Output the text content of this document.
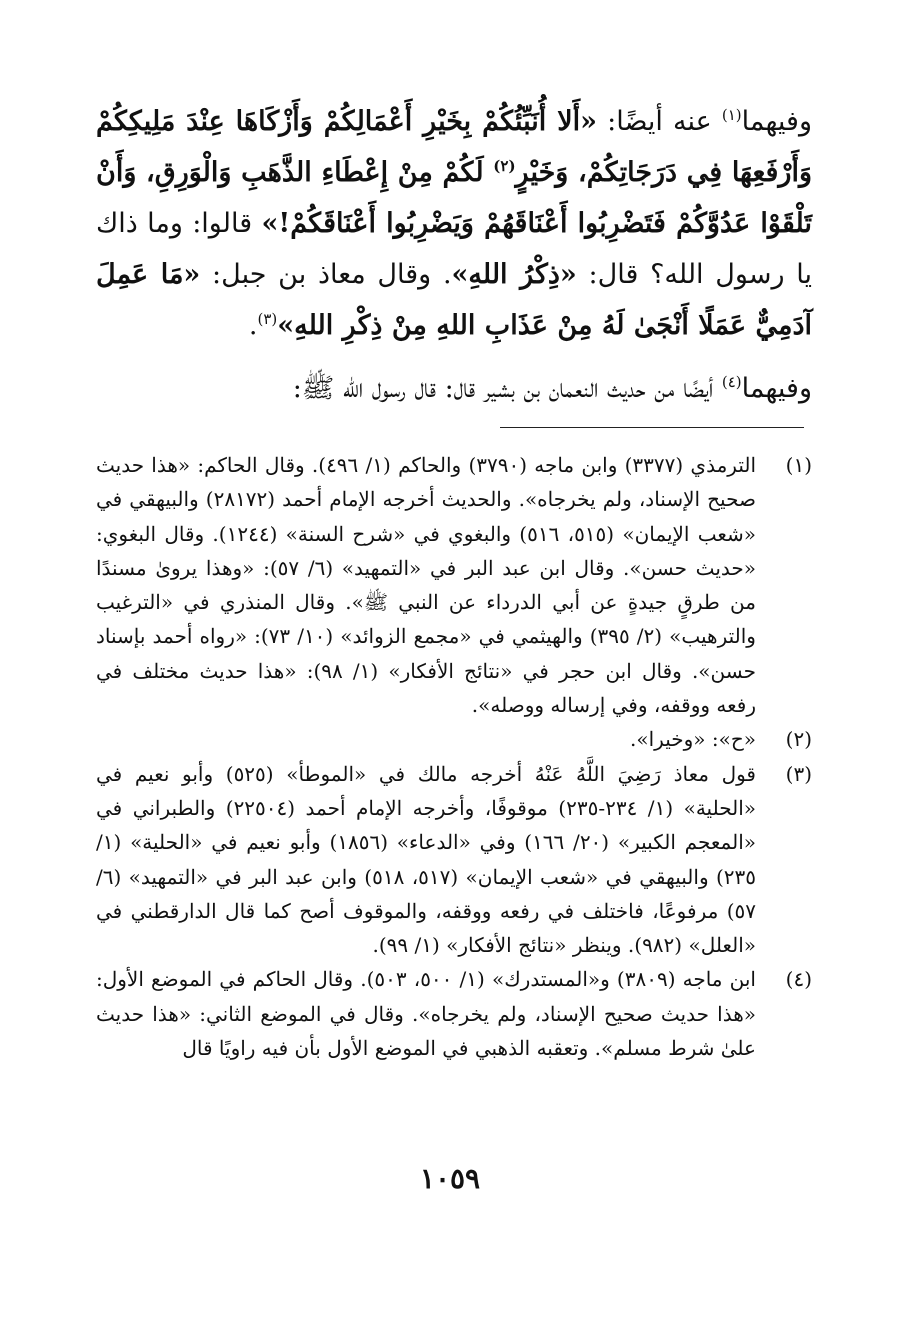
وفيهما$^{(١)}$ عنه أيضًا: «أَلا أُنَبِّئُكُمْ بِخَيْرِ أَعْمَالِكُمْ وَأَزْكَاهَا عِنْدَ مَلِيكِكُمْ وَأَرْفَعِهَا فِي دَرَجَاتِكُمْ، وَخَيْرٍ$^{(٢)}$ لَكُمْ مِنْ إِعْطَاءِ الذَّهَبِ وَالْوَرِقِ، وَأَنْ تَلْقَوْا عَدُوَّكُمْ فَتَضْرِبُوا أَعْنَاقَهُمْ وَيَضْرِبُوا أَعْنَاقَكُمْ!» قالوا: وما ذاك يا رسول الله؟ قال: «ذِكْرُ اللهِ». وقال معاذ بن جبل: «مَا عَمِلَ آدَمِيٌّ عَمَلًا أَنْجَىٰ لَهُ مِنْ عَذَابِ اللهِ مِنْ ذِكْرِ اللهِ»$^{(٣)}$.

وفيهما$^{(٤)}$ أيضًا من حديث النعمان بن بشير قال: قال رسول الله ﷺ:

(١)
الترمذي (٣٣٧٧) وابن ماجه (٣٧٩٠) والحاكم (١/ ٤٩٦). وقال الحاكم: «هذا حديث صحيح الإسناد، ولم يخرجاه». والحديث أخرجه الإمام أحمد (٢٨١٧٢) والبيهقي في «شعب الإيمان» (٥١٥، ٥١٦) والبغوي في «شرح السنة» (١٢٤٤). وقال البغوي: «حديث حسن». وقال ابن عبد البر في «التمهيد» (٦/ ٥٧): «وهذا يروىٰ مسندًا من طرقٍ جيدةٍ عن أبي الدرداء عن النبي ﷺ». وقال المنذري في «الترغيب والترهيب» (٢/ ٣٩٥) والهيثمي في «مجمع الزوائد» (١٠/ ٧٣): «رواه أحمد بإسناد حسن». وقال ابن حجر في «نتائج الأفكار» (١/ ٩٨): «هذا حديث مختلف في رفعه ووقفه، وفي إرساله ووصله».
(٢)
«ح»: «وخيرا».
(٣)
قول معاذ رَضِيَ اللَّهُ عَنْهُ أخرجه مالك في «الموطأ» (٥٢٥) وأبو نعيم في «الحلية» (١/ ٢٣٤-٢٣٥) موقوفًا، وأخرجه الإمام أحمد (٢٢٥٠٤) والطبراني في «المعجم الكبير» (٢٠/ ١٦٦) وفي «الدعاء» (١٨٥٦) وأبو نعيم في «الحلية» (١/ ٢٣٥) والبيهقي في «شعب الإيمان» (٥١٧، ٥١٨) وابن عبد البر في «التمهيد» (٦/ ٥٧) مرفوعًا، فاختلف في رفعه ووقفه، والموقوف أصح كما قال الدارقطني في «العلل» (٩٨٢). وينظر «نتائج الأفكار» (١/ ٩٩).
(٤)
ابن ماجه (٣٨٠٩) و«المستدرك» (١/ ٥٠٠، ٥٠٣). وقال الحاكم في الموضع الأول: «هذا حديث صحيح الإسناد، ولم يخرجاه». وقال في الموضع الثاني: «هذا حديث علىٰ شرط مسلم». وتعقبه الذهبي في الموضع الأول بأن فيه راويًا قال
١٠٥٩
